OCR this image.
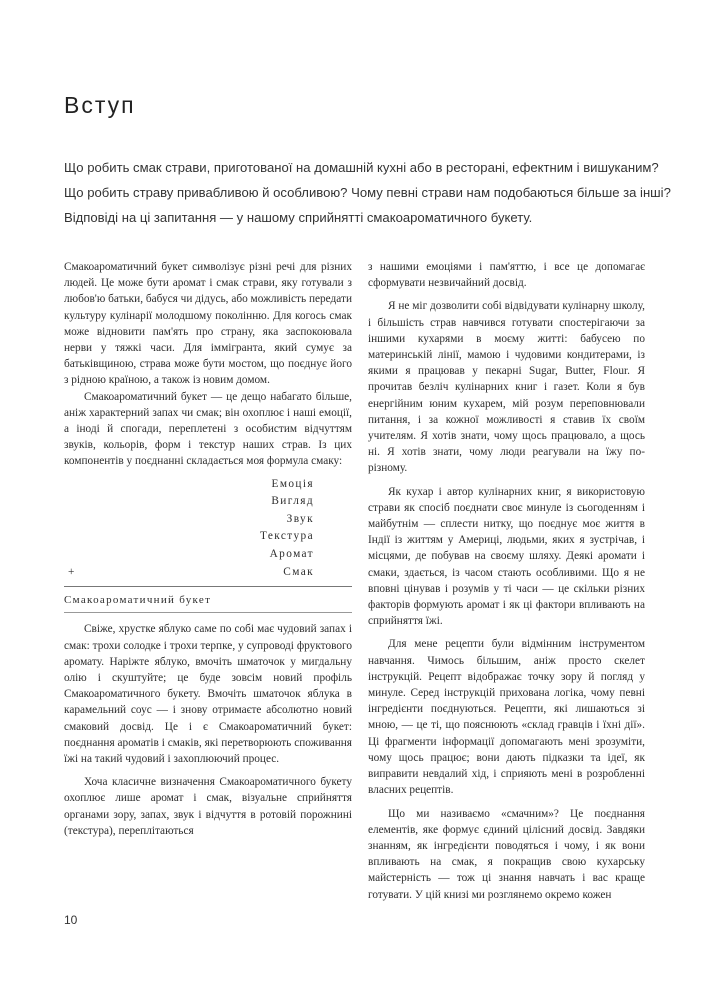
Вступ

Що робить смак страви, приготованої на домашній кухні або в ресторані, ефектним і вишуканим? Що робить страву привабливою й особливою? Чому певні страви нам подобаються більше за інші? Відповіді на ці запитання — у нашому сприйнятті смакоароматичного букету.

Смакоароматичний букет символізує різні речі для різних людей. Це може бути аромат і смак страви, яку готували з любов'ю батьки, бабуся чи дідусь, або можливість передати культуру кулінарії молодшому поколінню. Для когось смак може відновити пам'ять про страну, яка заспокоювала нерви у тяжкі часи. Для іммігранта, який сумує за батьківщиною, страва може бути мостом, що поєднує його з рідною країною, а також із новим домом.

Смакоароматичний букет — це дещо набагато більше, аніж характерний запах чи смак; він охоплює і наші емоції, а іноді й спогади, переплетені з особистим відчуттям звуків, кольорів, форм і текстур наших страв. Із цих компонентів у поєднанні складається моя формула смаку:

Емоція
Вигляд
Звук
Текстура
Аромат
+	Смак
Смакоароматичний букет

Свіже, хрустке яблуко саме по собі має чудовий запах і смак: трохи солодке і трохи терпке, у супроводі фруктового аромату. Наріжте яблуко, вмочіть шматочок у мигдальну олію і скуштуйте; це буде зовсім новий профіль Смакоароматичного букету. Вмочіть шматочок яблука в карамельний соус — і знову отримаєте абсолютно новий смаковий досвід. Це і є Смакоароматичний букет: поєднання ароматів і смаків, які перетворюють споживання їжі на такий чудовий і захоплюючий процес.

Хоча класичне визначення Смакоароматичного букету охоплює лише аромат і смак, візуальне сприйняття органами зору, запах, звук і відчуття в ротовій порожнині (текстура), переплітаються

з нашими емоціями і пам'яттю, і все це допомагає сформувати незвичайний досвід.

Я не міг дозволити собі відвідувати кулінарну школу, і більшість страв навчився готувати спостерігаючи за іншими кухарями в моєму житті: бабусею по материнській лінії, мамою і чудовими кондитерами, із якими я працював у пекарні Sugar, Butter, Flour. Я прочитав безліч кулінарних книг і газет. Коли я був енергійним юним кухарем, мій розум переповнювали питання, і за кожної можливості я ставив їх своїм учителям. Я хотів знати, чому щось працювало, а щось ні. Я хотів знати, чому люди реагували на їжу по-різному.

Як кухар і автор кулінарних книг, я використовую страви як спосіб поєднати своє минуле із сьогоденням і майбутнім — сплести нитку, що поєднує моє життя в Індії із життям у Америці, людьми, яких я зустрічав, і місцями, де побував на своєму шляху. Деякі аромати і смаки, здається, із часом стають особливими. Що я не вповні цінував і розумів у ті часи — це скільки різних факторів формують аромат і як ці фактори впливають на сприйняття їжі.

Для мене рецепти були відмінним інструментом навчання. Чимось більшим, аніж просто скелет інструкцій. Рецепт відображає точку зору й погляд у минуле. Серед інструкцій прихована логіка, чому певні інгредієнти поєднуються. Рецепти, які лишаються зі мною, — це ті, що пояснюють «склад гравців і їхні дії». Ці фрагменти інформації допомагають мені зрозуміти, чому щось працює; вони дають підказки та ідеї, як виправити невдалий хід, і сприяють мені в розробленні власних рецептів.

Що ми називаємо «смачним»? Це поєднання елементів, яке формує єдиний цілісний досвід. Завдяки знанням, як інгредієнти поводяться і чому, і як вони впливають на смак, я покращив свою кухарську майстерність — тож ці знання навчать і вас краще готувати. У цій книзі ми розглянемо окремо кожен

10
